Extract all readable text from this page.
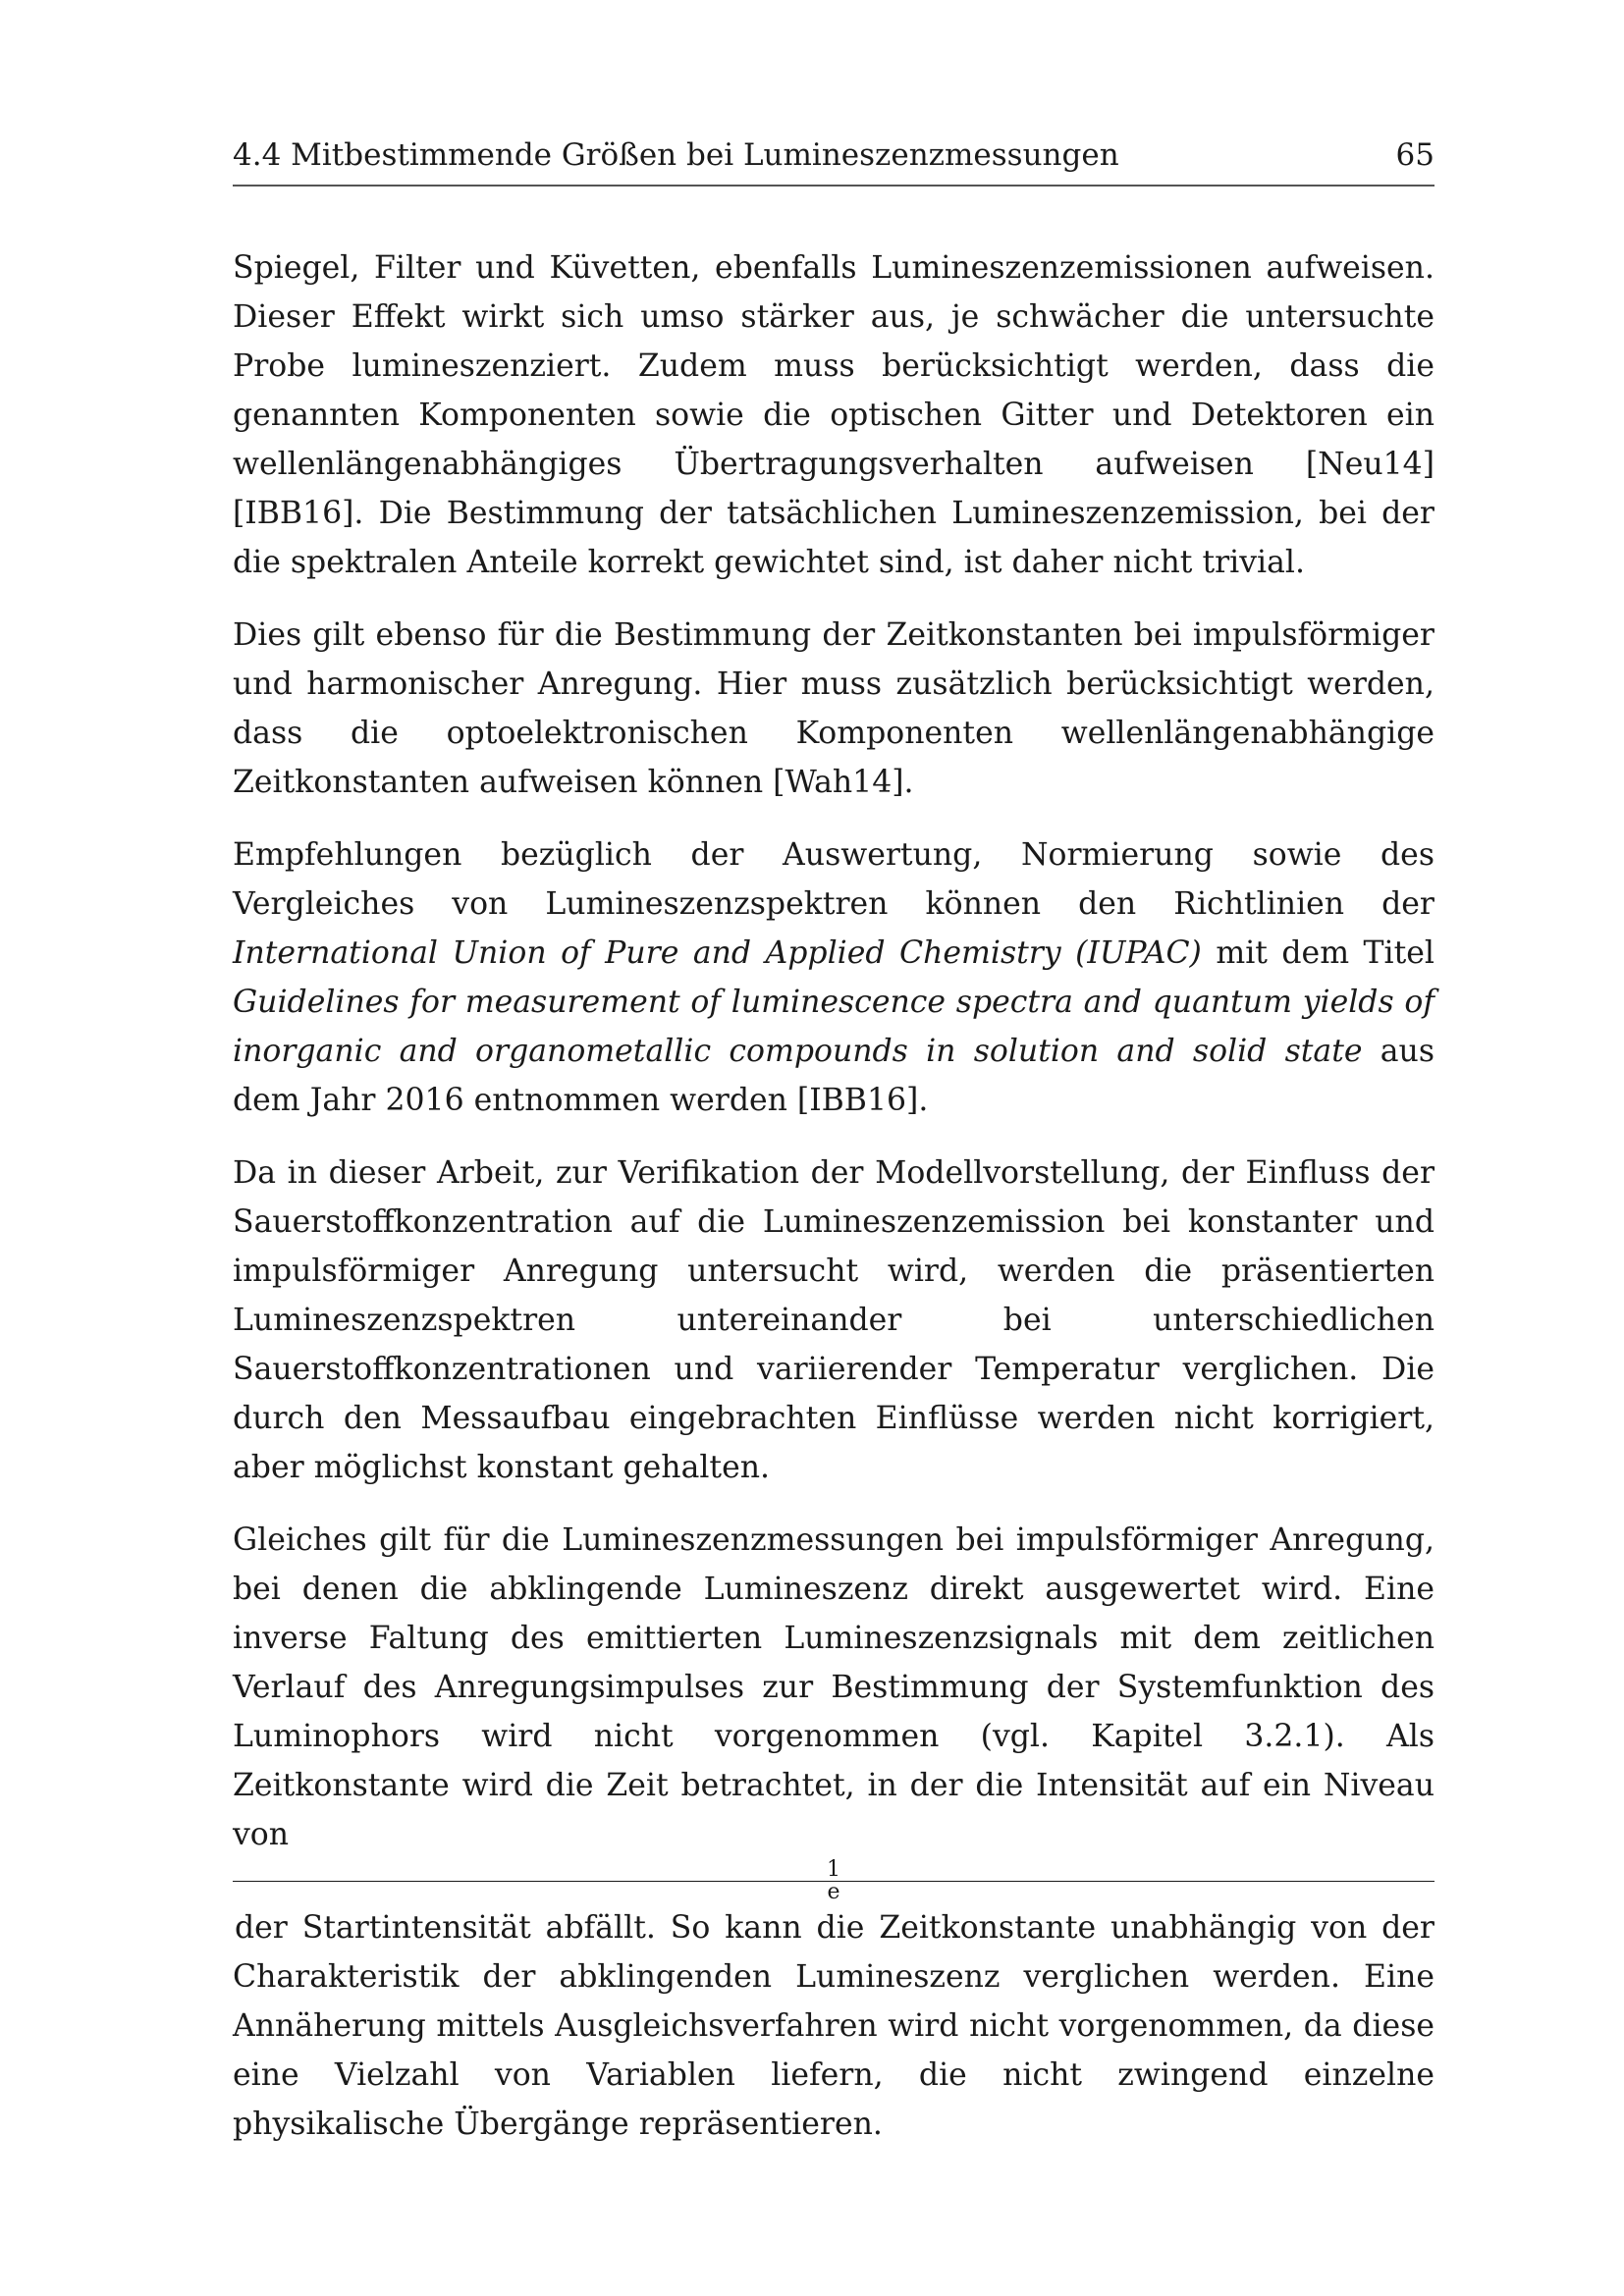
4.4 Mitbestimmende Größen bei Lumineszenzmessungen	65

Spiegel, Filter und Küvetten, ebenfalls Lumineszenzemissionen aufweisen. Dieser Effekt wirkt sich umso stärker aus, je schwächer die untersuchte Probe lumineszenziert. Zudem muss berücksichtigt werden, dass die genannten Komponenten sowie die optischen Gitter und Detektoren ein wellenlängenabhängiges Übertragungsverhalten aufweisen [Neu14] [IBB16]. Die Bestimmung der tatsächlichen Lumineszenzemission, bei der die spektralen Anteile korrekt gewichtet sind, ist daher nicht trivial.

Dies gilt ebenso für die Bestimmung der Zeitkonstanten bei impulsförmiger und harmonischer Anregung. Hier muss zusätzlich berücksichtigt werden, dass die optoelektronischen Komponenten wellenlängenabhängige Zeitkonstanten aufweisen können [Wah14].

Empfehlungen bezüglich der Auswertung, Normierung sowie des Vergleiches von Lumineszenzspektren können den Richtlinien der International Union of Pure and Applied Chemistry (IUPAC) mit dem Titel Guidelines for measurement of luminescence spectra and quantum yields of inorganic and organometallic compounds in solution and solid state aus dem Jahr 2016 entnommen werden [IBB16].

Da in dieser Arbeit, zur Verifikation der Modellvorstellung, der Einfluss der Sauerstoffkonzentration auf die Lumineszenzemission bei konstanter und impulsförmiger Anregung untersucht wird, werden die präsentierten Lumineszenzspektren untereinander bei unterschiedlichen Sauerstoffkonzentrationen und variierender Temperatur verglichen. Die durch den Messaufbau eingebrachten Einflüsse werden nicht korrigiert, aber möglichst konstant gehalten.

Gleiches gilt für die Lumineszenzmessungen bei impulsförmiger Anregung, bei denen die abklingende Lumineszenz direkt ausgewertet wird. Eine inverse Faltung des emittierten Lumineszenzsignals mit dem zeitlichen Verlauf des Anregungsimpulses zur Bestimmung der Systemfunktion des Luminophors wird nicht vorgenommen (vgl. Kapitel 3.2.1). Als Zeitkonstante wird die Zeit betrachtet, in der die Intensität auf ein Niveau von
1
e
der Startintensität abfällt. So kann die Zeitkonstante unabhängig von der Charakteristik der abklingenden Lumineszenz verglichen werden. Eine Annäherung mittels Ausgleichsverfahren wird nicht vorgenommen, da diese eine Vielzahl von Variablen liefern, die nicht zwingend einzelne physikalische Übergänge repräsentieren.
